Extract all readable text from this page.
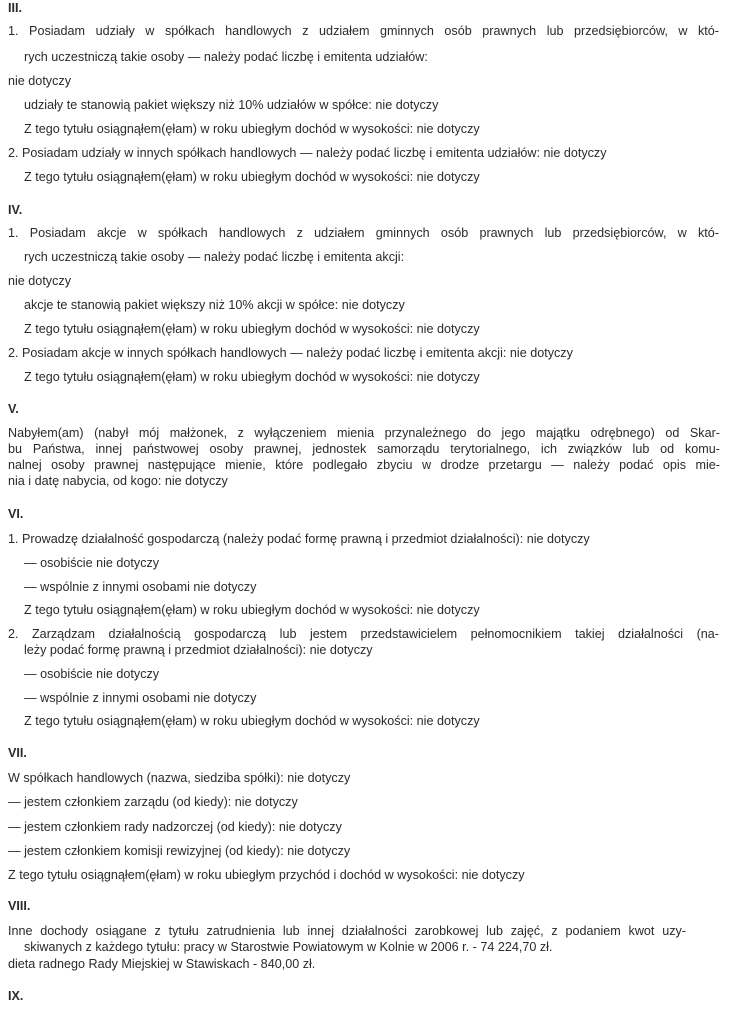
III.
1. Posiadam udziały w spółkach handlowych z udziałem gminnych osób prawnych lub przedsiębiorców, w któ-
rych uczestniczą takie osoby — należy podać liczbę i emitenta udziałów:
nie dotyczy
udziały te stanowią pakiet większy niż 10% udziałów w spółce: nie dotyczy
Z tego tytułu osiągnąłem(ęłam) w roku ubiegłym dochód w wysokości: nie dotyczy
2. Posiadam udziały w innych spółkach handlowych — należy podać liczbę i emitenta udziałów: nie dotyczy
Z tego tytułu osiągnąłem(ęłam) w roku ubiegłym dochód w wysokości: nie dotyczy
IV.
1. Posiadam akcje w spółkach handlowych z udziałem gminnych osób prawnych lub przedsiębiorców, w któ-
rych uczestniczą takie osoby — należy podać liczbę i emitenta akcji:
nie dotyczy
akcje te stanowią pakiet większy niż 10% akcji w spółce: nie dotyczy
Z tego tytułu osiągnąłem(ęłam) w roku ubiegłym dochód w wysokości: nie dotyczy
2. Posiadam akcje w innych spółkach handlowych — należy podać liczbę i emitenta akcji: nie dotyczy
Z tego tytułu osiągnąłem(ęłam) w roku ubiegłym dochód w wysokości: nie dotyczy
V.
Nabyłem(am) (nabył mój małżonek, z wyłączeniem mienia przynależnego do jego majątku odrębnego) od Skar-
bu Państwa, innej państwowej osoby prawnej, jednostek samorządu terytorialnego, ich związków lub od komu-
nalnej osoby prawnej następujące mienie, które podlegało zbyciu w drodze przetargu — należy podać opis mie-
nia i datę nabycia, od kogo: nie dotyczy
VI.
1. Prowadzę działalność gospodarczą (należy podać formę prawną i przedmiot działalności): nie dotyczy
— osobiście nie dotyczy
— wspólnie z innymi osobami nie dotyczy
Z tego tytułu osiągnąłem(ęłam) w roku ubiegłym dochód w wysokości: nie dotyczy
2. Zarządzam działalnością gospodarczą lub jestem przedstawicielem pełnomocnikiem takiej działalności (na-
leży podać formę prawną i przedmiot działalności): nie dotyczy
— osobiście nie dotyczy
— wspólnie z innymi osobami nie dotyczy
Z tego tytułu osiągnąłem(ęłam) w roku ubiegłym dochód w wysokości: nie dotyczy
VII.
W spółkach handlowych (nazwa, siedziba spółki): nie dotyczy
— jestem członkiem zarządu (od kiedy): nie dotyczy
— jestem członkiem rady nadzorczej (od kiedy): nie dotyczy
— jestem członkiem komisji rewizyjnej (od kiedy): nie dotyczy
Z tego tytułu osiągnąłem(ęłam) w roku ubiegłym przychód i dochód w wysokości: nie dotyczy
VIII.
Inne dochody osiągane z tytułu zatrudnienia lub innej działalności zarobkowej lub zajęć, z podaniem kwot uzy-
skiwanych z każdego tytułu: pracy w Starostwie Powiatowym w Kolnie w 2006 r. - 74 224,70 zł.
dieta radnego Rady Miejskiej w Stawiskach - 840,00 zł.
IX.
